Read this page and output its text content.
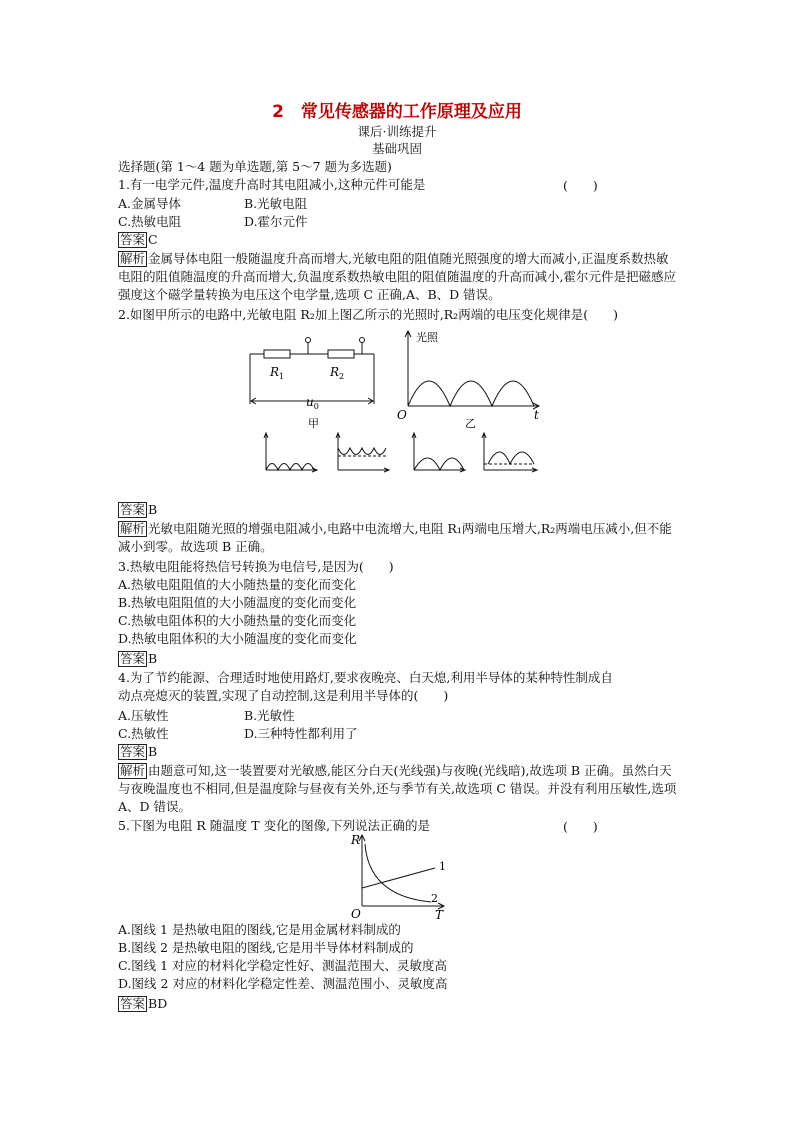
2　常见传感器的工作原理及应用
课后·训练提升
基础巩固
选择题(第 1～4 题为单选题,第 5～7 题为多选题)
1.有一电学元件,温度升高时其电阻减小,这种元件可能是	(　　)
A.金属导体	B.光敏电阻
C.热敏电阻	D.霍尔元件
答案 C
解析 金属导体电阻一般随温度升高而增大,光敏电阻的阻值随光照强度的增大而减小,正温度系数热敏电阻的阻值随温度的升高而增大,负温度系数热敏电阻的阻值随温度的升高而减小,霍尔元件是把磁感应强度这个磁学量转换为电压这个电学量,选项 C 正确,A、B、D 错误。
2.如图甲所示的电路中,光敏电阻 R₂加上图乙所示的光照时,R₂两端的电压变化规律是(　　)
$R_1$	$R_2$
$u_0$
甲
光照
O	t
乙
答案 B
解析 光敏电阻随光照的增强电阻减小,电路中电流增大,电阻 R₁两端电压增大,R₂两端电压减小,但不能减小到零。故选项 B 正确。
3.热敏电阻能将热信号转换为电信号,是因为(　　)
A.热敏电阻阻值的大小随热量的变化而变化
B.热敏电阻阻值的大小随温度的变化而变化
C.热敏电阻体积的大小随热量的变化而变化
D.热敏电阻体积的大小随温度的变化而变化
答案 B
4.为了节约能源、合理适时地使用路灯,要求夜晚亮、白天熄,利用半导体的某种特性制成自
动点亮熄灭的装置,实现了自动控制,这是利用半导体的(　　)
A.压敏性	B.光敏性
C.热敏性	D.三种特性都利用了
答案 B
解析 由题意可知,这一装置要对光敏感,能区分白天(光线强)与夜晚(光线暗),故选项 B 正确。虽然白天与夜晚温度也不相同,但是温度除与昼夜有关外,还与季节有关,故选项 C 错误。并没有利用压敏性,选项 A、D 错误。
5.下图为电阻 R 随温度 T 变化的图像,下列说法正确的是	(　　)
R
O	T
1
2
A.图线 1 是热敏电阻的图线,它是用金属材料制成的
B.图线 2 是热敏电阻的图线,它是用半导体材料制成的
C.图线 1 对应的材料化学稳定性好、测温范围大、灵敏度高
D.图线 2 对应的材料化学稳定性差、测温范围小、灵敏度高
答案 BD
